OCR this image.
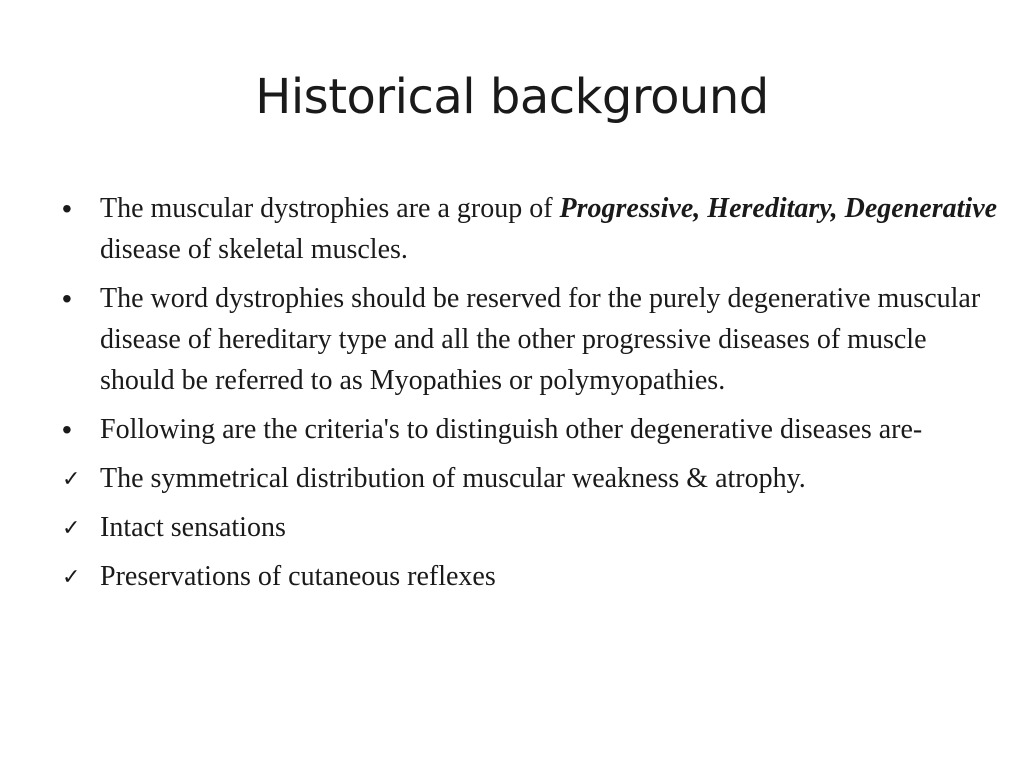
Historical background
•	The muscular dystrophies are a group of Progressive, Hereditary, Degenerative disease of skeletal muscles.
•	The word dystrophies should be reserved for the purely degenerative muscular disease of hereditary type and all the other progressive diseases of muscle should be referred to as Myopathies or polymyopathies.
•	Following are the criteria's to distinguish other degenerative diseases are-
✓ The symmetrical distribution of muscular weakness & atrophy.
✓ Intact sensations
✓ Preservations of cutaneous reflexes
